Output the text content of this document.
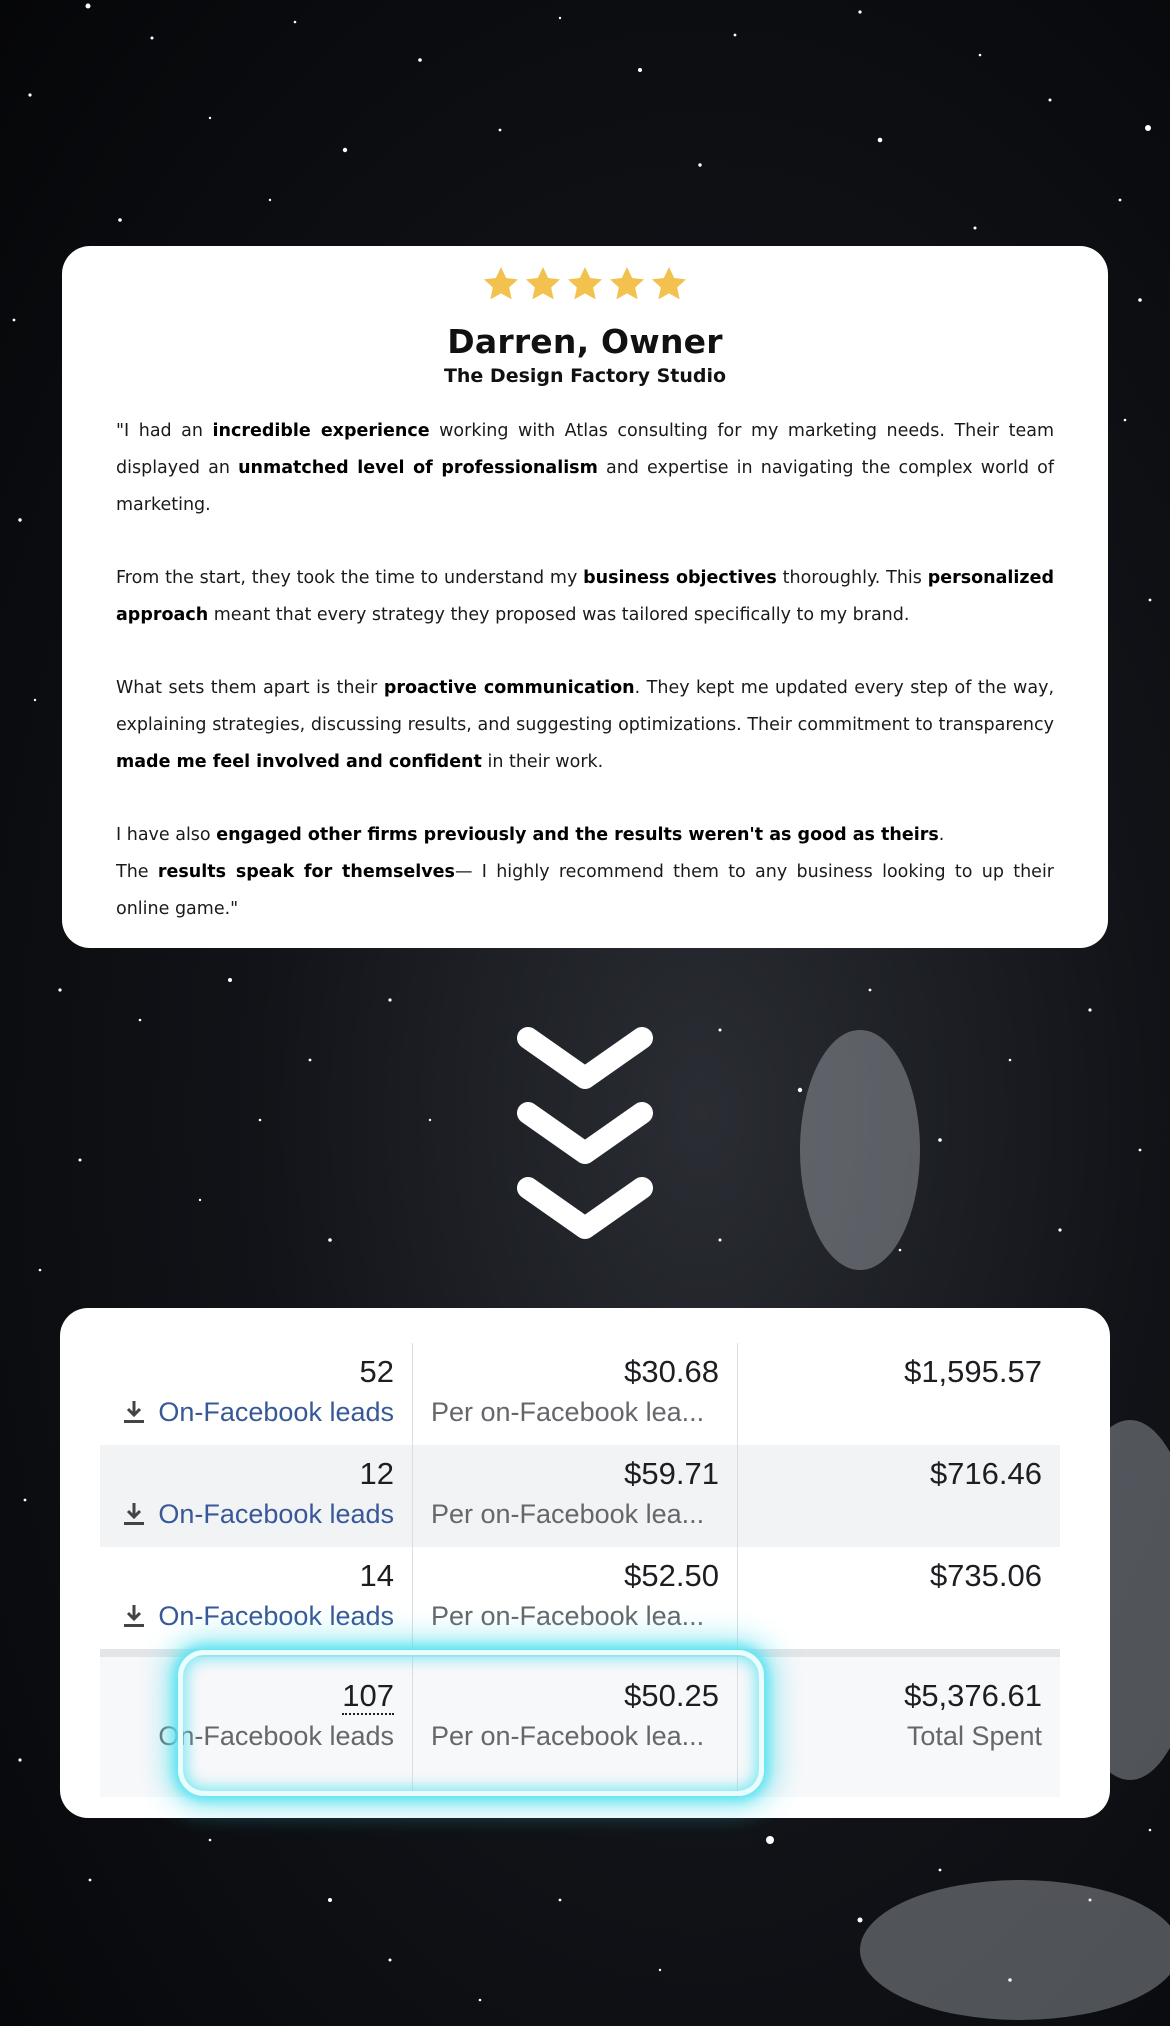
Darren, Owner
The Design Factory Studio

"I had an incredible experience working with Atlas consulting for my marketing needs. Their team displayed an unmatched level of professionalism and expertise in navigating the complex world of marketing.

From the start, they took the time to understand my business objectives thoroughly. This personalized approach meant that every strategy they proposed was tailored specifically to my brand.

What sets them apart is their proactive communication. They kept me updated every step of the way, explaining strategies, discussing results, and suggesting optimizations. Their commitment to transparency made me feel involved and confident in their work.

I have also engaged other firms previously and the results weren't as good as theirs.

The results speak for themselves— I highly recommend them to any business looking to up their online game."

52
On-Facebook leads
$30.68
Per on-Facebook lea...
$1,595.57
12
On-Facebook leads
$59.71
Per on-Facebook lea...
$716.46
14
On-Facebook leads
$52.50
Per on-Facebook lea...
$735.06
107
On-Facebook leads
$50.25
Per on-Facebook lea...
$5,376.61
Total Spent
